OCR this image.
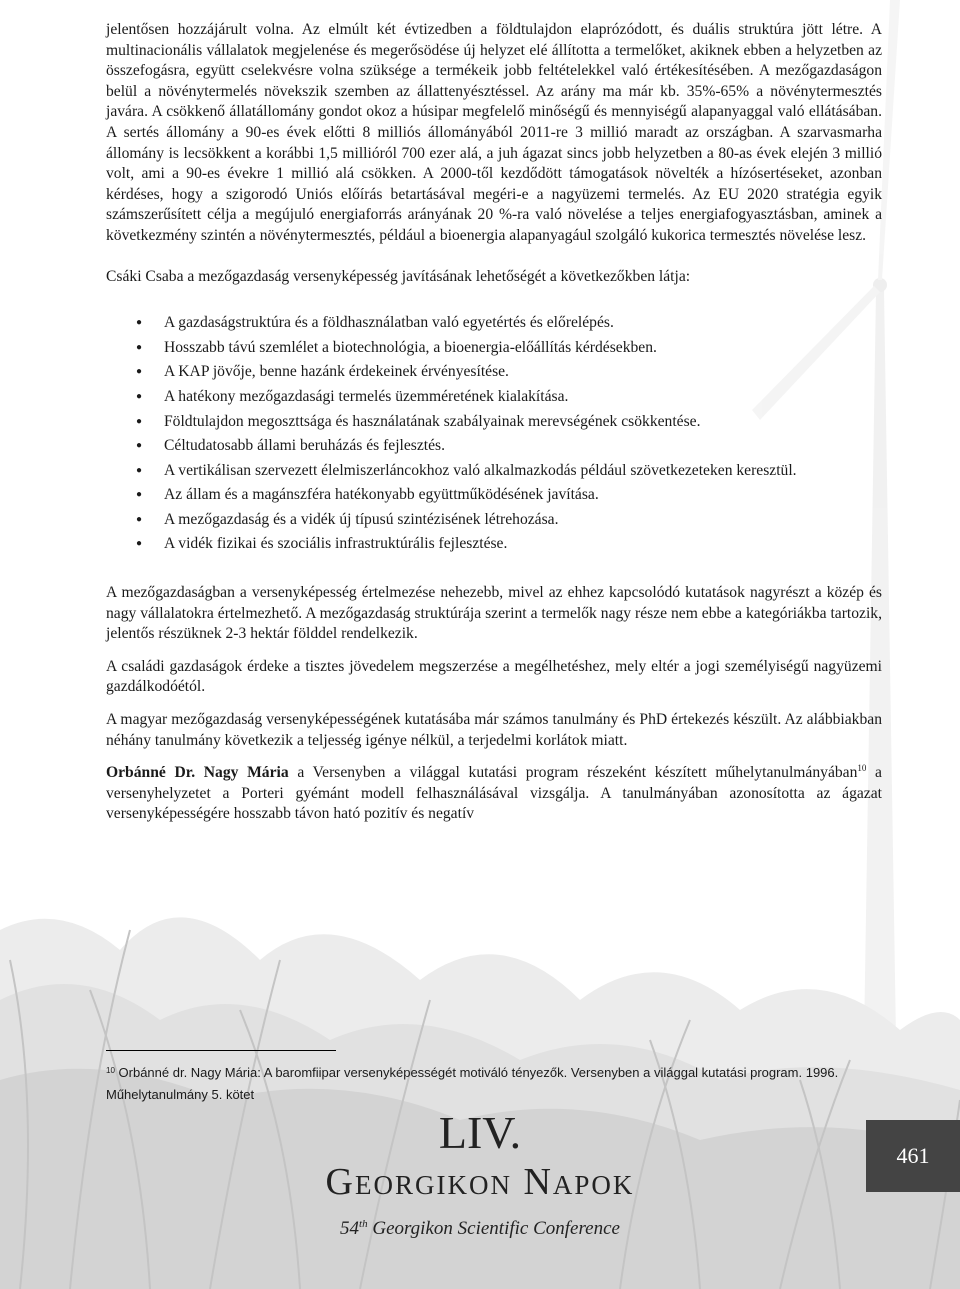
jelentősen hozzájárult volna. Az elmúlt két évtizedben a földtulajdon elaprózódott, és duális struktúra jött létre. A multinacionális vállalatok megjelenése és megerősödése új helyzet elé állította a termelőket, akiknek ebben a helyzetben az összefogásra, együtt cselekvésre volna szüksége a termékeik jobb feltételekkel való értékesítésében. A mezőgazdaságon belül a növénytermelés növekszik szemben az állattenyésztéssel. Az arány ma már kb. 35%-65% a növénytermesztés javára. A csökkenő állatállomány gondot okoz a húsipar megfelelő minőségű és mennyiségű alapanyaggal való ellátásában. A sertés állomány a 90-es évek előtti 8 milliós állományából 2011-re 3 millió maradt az országban. A szarvasmarha állomány is lecsökkent a korábbi 1,5 millióról 700 ezer alá, a juh ágazat sincs jobb helyzetben a 80-as évek elején 3 millió volt, ami a 90-es évekre 1 millió alá csökken. A 2000-től kezdődött támogatások növelték a hízósertéseket, azonban kérdéses, hogy a szigorodó Uniós előírás betartásával megéri-e a nagyüzemi termelés. Az EU 2020 stratégia egyik számszerűsített célja a megújuló energiaforrás arányának 20 %-ra való növelése a teljes energiafogyasztásban, aminek a következmény szintén a növénytermesztés, például a bioenergia alapanyagául szolgáló kukorica termesztés növelése lesz.

Csáki Csaba a mezőgazdaság versenyképesség javításának lehetőségét a következőkben látja:

● A gazdaságstruktúra és a földhasználatban való egyetértés és előrelépés.
● Hosszabb távú szemlélet a biotechnológia, a bioenergia-előállítás kérdésekben.
● A KAP jövője, benne hazánk érdekeinek érvényesítése.
● A hatékony mezőgazdasági termelés üzemméretének kialakítása.
● Földtulajdon megoszttsága és használatának szabályainak merevségének csökkentése.
● Céltudatosabb állami beruházás és fejlesztés.
● A vertikálisan szervezett élelmiszerláncokhoz való alkalmazkodás például szövetkezeteken keresztül.
● Az állam és a magánszféra hatékonyabb együttműködésének javítása.
● A mezőgazdaság és a vidék új típusú szintézisének létrehozása.
● A vidék fizikai és szociális infrastruktúrális fejlesztése.

A mezőgazdaságban a versenyképesség értelmezése nehezebb, mivel az ehhez kapcsolódó kutatások nagyrészt a közép és nagy vállalatokra értelmezhető. A mezőgazdaság struktúrája szerint a termelők nagy része nem ebbe a kategóriákba tartozik, jelentős részüknek 2-3 hektár földdel rendelkezik.

A családi gazdaságok érdeke a tisztes jövedelem megszerzése a megélhetéshez, mely eltér a jogi személyiségű nagyüzemi gazdálkodóétól.

A magyar mezőgazdaság versenyképességének kutatásába már számos tanulmány és PhD értekezés készült. Az alábbiakban néhány tanulmány következik a teljesség igénye nélkül, a terjedelmi korlátok miatt.

Orbánné Dr. Nagy Mária a Versenyben a világgal kutatási program részeként készített műhelytanulmányában$^{10}$ a versenyhelyzetet a Porteri gyémánt modell felhasználásával vizsgálja. A tanulmányában azonosította az ágazat versenyképességére hosszabb távon ható pozitív és negatív

$^{10}$ Orbánné dr. Nagy Mária: A baromfiipar versenyképességét motiváló tényezők. Versenyben a világgal kutatási program. 1996. Műhelytanulmány 5. kötet
LIV.
Georgikon Napok
54th Georgikon Scientific Conference
461
